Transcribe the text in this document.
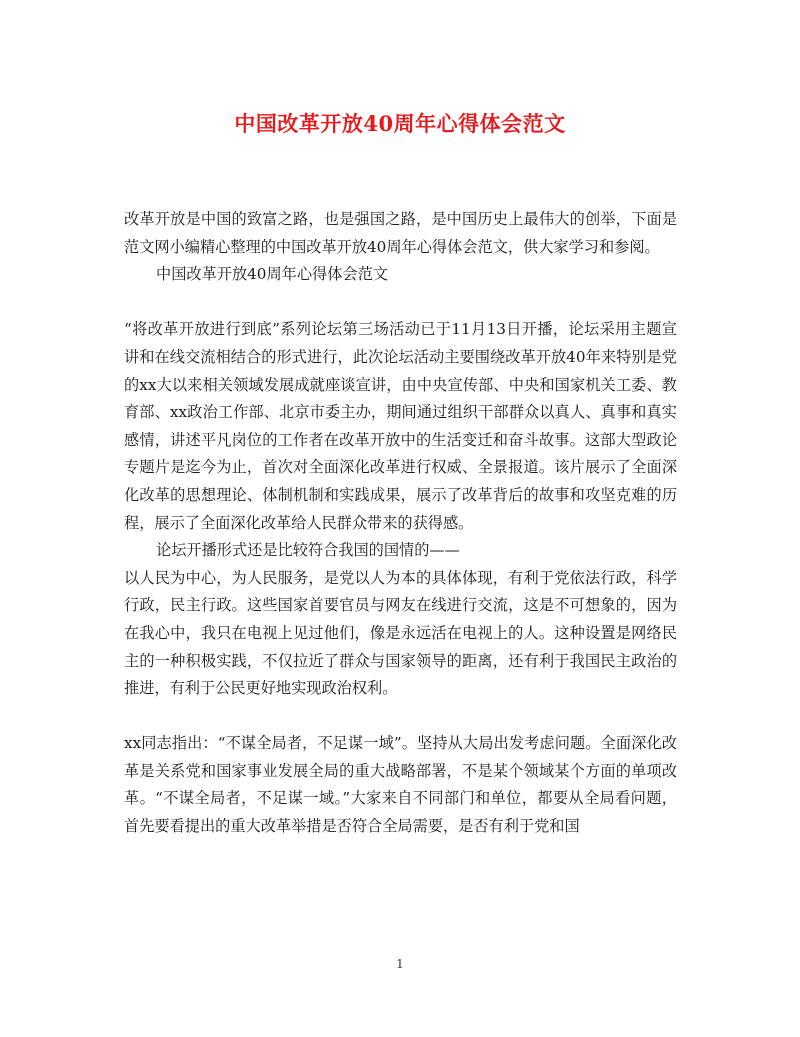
中国改革开放40周年心得体会范文

改革开放是中国的致富之路，也是强国之路，是中国历史上最伟大的创举，下面是范文网小编精心整理的中国改革开放40周年心得体会范文，供大家学习和参阅。

中国改革开放40周年心得体会范文

“将改革开放进行到底”系列论坛第三场活动已于11月13日开播，论坛采用主题宣讲和在线交流相结合的形式进行，此次论坛活动主要围绕改革开放40年来特别是党的xx大以来相关领域发展成就座谈宣讲，由中央宣传部、中央和国家机关工委、教育部、xx政治工作部、北京市委主办，期间通过组织干部群众以真人、真事和真实感情，讲述平凡岗位的工作者在改革开放中的生活变迁和奋斗故事。这部大型政论专题片是迄今为止，首次对全面深化改革进行权威、全景报道。该片展示了全面深化改革的思想理论、体制机制和实践成果，展示了改革背后的故事和攻坚克难的历程，展示了全面深化改革给人民群众带来的获得感。

论坛开播形式还是比较符合我国的国情的——

以人民为中心，为人民服务，是党以人为本的具体体现，有利于党依法行政，科学行政，民主行政。这些国家首要官员与网友在线进行交流，这是不可想象的，因为在我心中，我只在电视上见过他们，像是永远活在电视上的人。这种设置是网络民主的一种积极实践，不仅拉近了群众与国家领导的距离，还有利于我国民主政治的推进，有利于公民更好地实现政治权利。

xx同志指出：“不谋全局者，不足谋一域”。坚持从大局出发考虑问题。全面深化改革是关系党和国家事业发展全局的重大战略部署，不是某个领域某个方面的单项改革。“不谋全局者，不足谋一域。”大家来自不同部门和单位，都要从全局看问题，首先要看提出的重大改革举措是否符合全局需要，是否有利于党和国

1
